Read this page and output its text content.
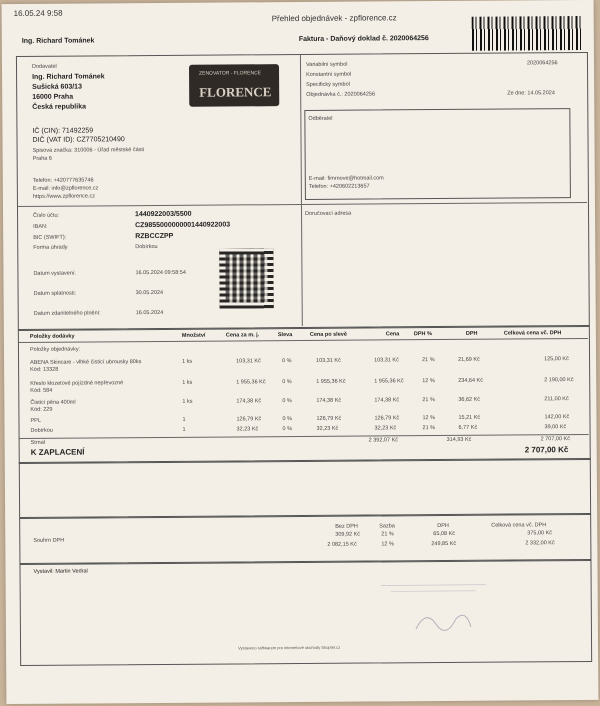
16.05.24 9:58	Přehled objednávek - zpflorence.cz
Ing. Richard Tománek	Faktura - Daňový doklad č. 2020064256
Dodavatel
Ing. Richard Tománek
Sušická 603/13
16000 Praha
Česká republika
ZENOVATOR - FLORENCE
FLORENCE
IČ (CIN): 71492259
DIČ (VAT ID): CZ7705210490
Spisová značka: 310006 - Úřad městské části
Praha 6
Telefon: +420777635746
E-mail: info@zpflorence.cz
https://www.zpflorence.cz
Variabilní symbol	2020064256
Konstantní symbol
Specifický symbol
Objednávka č.: 2020064256	Ze dne: 14.05.2024
Odběratel
E-mail: fimrnove@hotmail.com
Telefon: +420602213657
Číslo účtu:	1440922003/5500
IBAN:	CZ9855000000001440922003
BIC (SWIFT):	RZBCCZPP
Forma úhrady	Dobírkou
Datum vystavení:	16.05.2024 09:58:54
Datum splatnosti:	30.05.2024
Datum zdanitelného plnění:	16.05.2024
Doručovací adresa
Položky dodávky	Množství	Cena za m. j.	Sleva	Cena po slevě	Cena	DPH %	DPH	Celková cena vč. DPH
Položky objednávky:
ABENA Skincare - vlhké čisticí ubrousky 80ks
Kód: 13328
1 ks	103,31 Kč	0 %	103,31 Kč	103,31 Kč	21 %	21,69 Kč	125,00 Kč
Křeslo klozetové pojízdné nepřevozné
Kód: 584
1 ks	1 955,36 Kč	0 %	1 955,36 Kč	1 955,36 Kč	12 %	234,64 Kč	2 190,00 Kč
Čisticí pěna 400ml
Kód: 229
1 ks	174,38 Kč	0 %	174,38 Kč	174,38 Kč	21 %	36,62 Kč	211,00 Kč
PPL	1	126,79 Kč	0 %	126,79 Kč	126,79 Kč	12 %	15,21 Kč	142,00 Kč
Dobírkou	1	32,23 Kč	0 %	32,23 Kč	32,23 Kč	21 %	6,77 Kč	39,00 Kč
Strnal	2 392,07 Kč	314,93 Kč	2 707,00 Kč
K ZAPLACENÍ	2 707,00 Kč
Bez DPH	Sazba	DPH	Celková cena vč. DPH
Souhrn DPH
309,92 Kč	21 %	65,08 Kč	375,00 Kč
2 082,15 Kč	12 %	249,85 Kč	2 332,00 Kč
Vystavil: Martin Vedral
Vystaveno softwarem pro internetové obchody Shoptet.cz
